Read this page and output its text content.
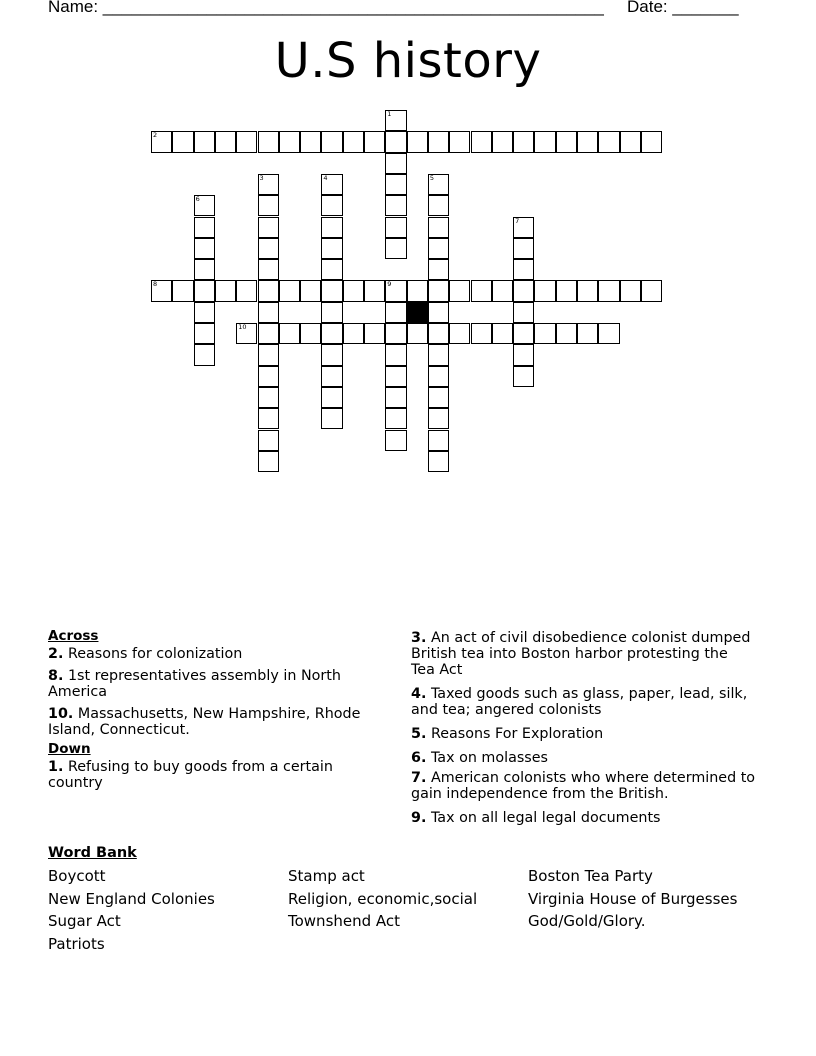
Name: _____________________________________________________ Date: _______
U.S history
2
8	9
10
1
3	4	5
6
7
Across
2. Reasons for colonization
8. 1st representatives assembly in North America
10. Massachusetts, New Hampshire, Rhode Island, Connecticut.
Down
1. Refusing to buy goods from a certain country
3. An act of civil disobedience colonist dumped British tea into Boston harbor protesting the Tea Act
4. Taxed goods such as glass, paper, lead, silk, and tea; angered colonists
5. Reasons For Exploration
6. Tax on molasses
7. American colonists who where determined to gain independence from the British.
9. Tax on all legal legal documents
Word Bank
Boycott
New England Colonies
Sugar Act
Patriots
Stamp act
Religion, economic,social
Townshend Act
Boston Tea Party
Virginia House of Burgesses
God/Gold/Glory.
